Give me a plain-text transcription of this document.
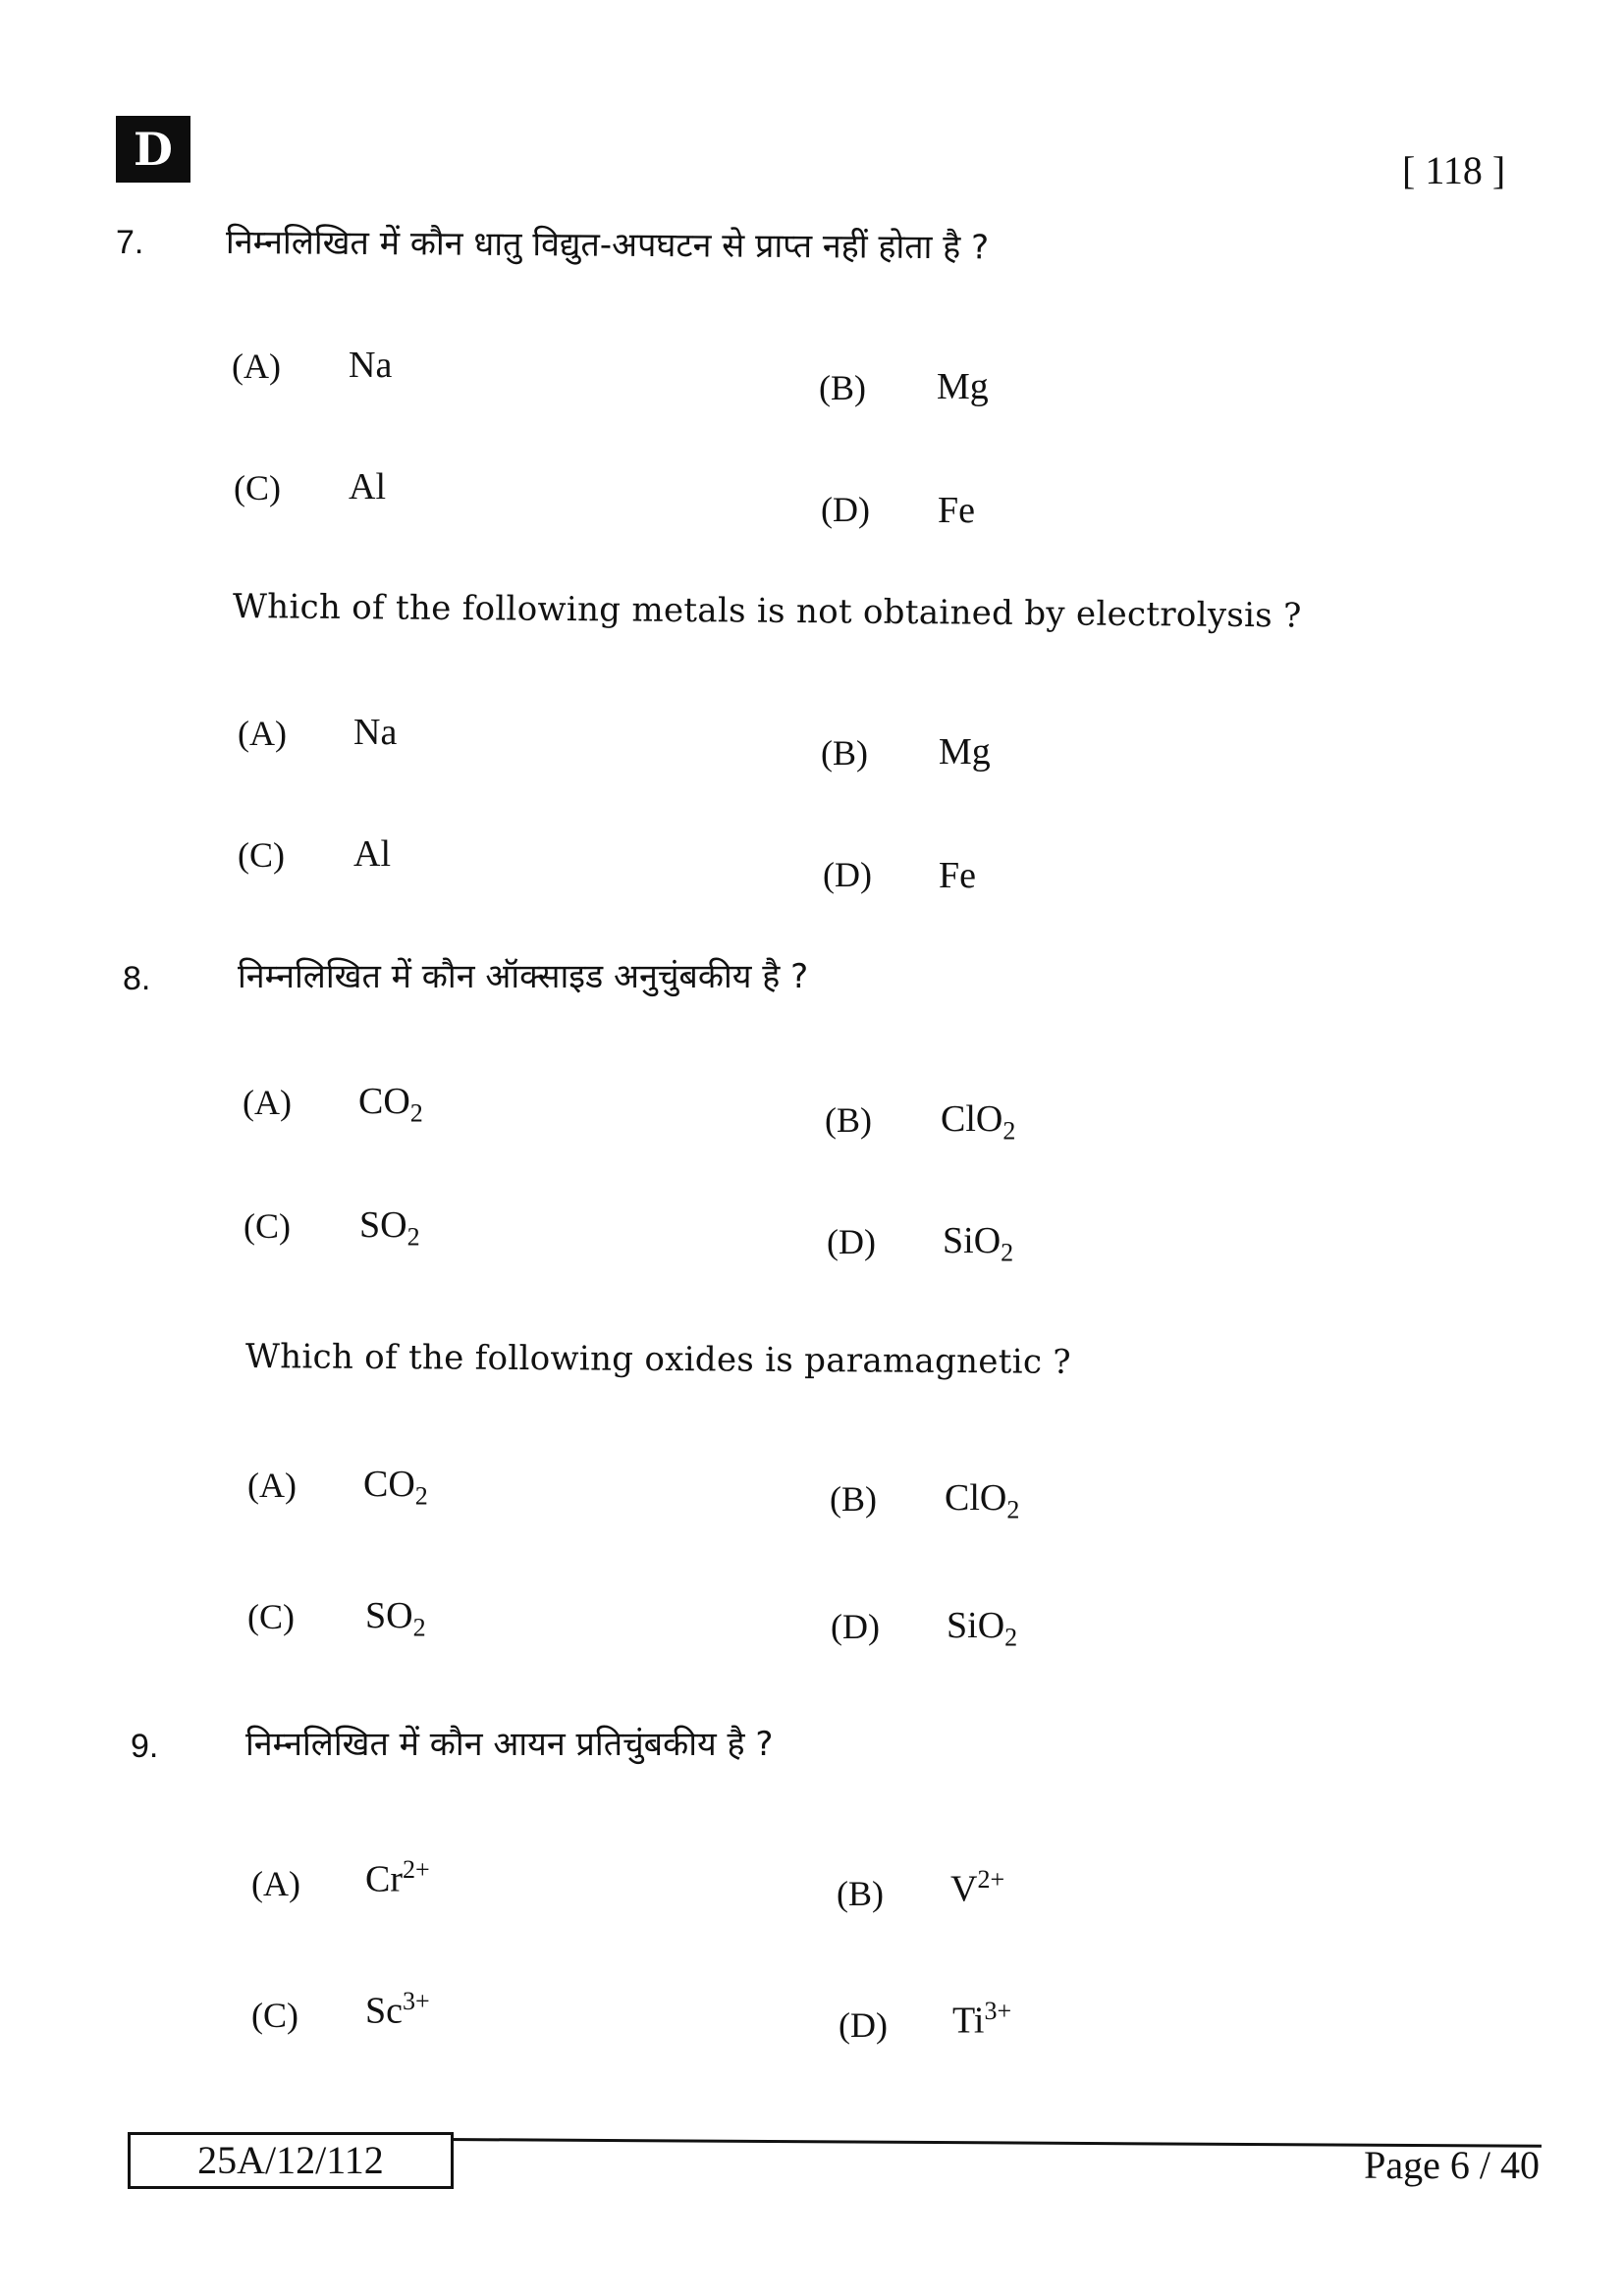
D	[ 118 ]
7. निम्नलिखित में कौन धातु विद्युत-अपघटन से प्राप्त नहीं होता है ?
(A) Na
(B) Mg
(C) Al
(D) Fe
Which of the following metals is not obtained by electrolysis ?
(A) Na	(B) Mg
(C) Al	(D) Fe
8.	निम्नलिखित में कौन ऑक्साइड अनुचुंबकीय है ?
(A) $CO_2$	(B) ClO$_2$
(C) $SO_2$	(D) SiO$_2$
Which of the following oxides is paramagnetic ?
(A) $CO_2$	(B) ClO$_2$
(C) $SO_2$	(D) SiO$_2$
9.	निम्नलिखित में कौन आयन प्रतिचुंबकीय है ?
(A) $Cr^{2+}$
(B) $V^{2+}$
(C) $Sc^{3+}$
(D) $Ti^{3+}$
25A/12/112	Page 6 / 40
